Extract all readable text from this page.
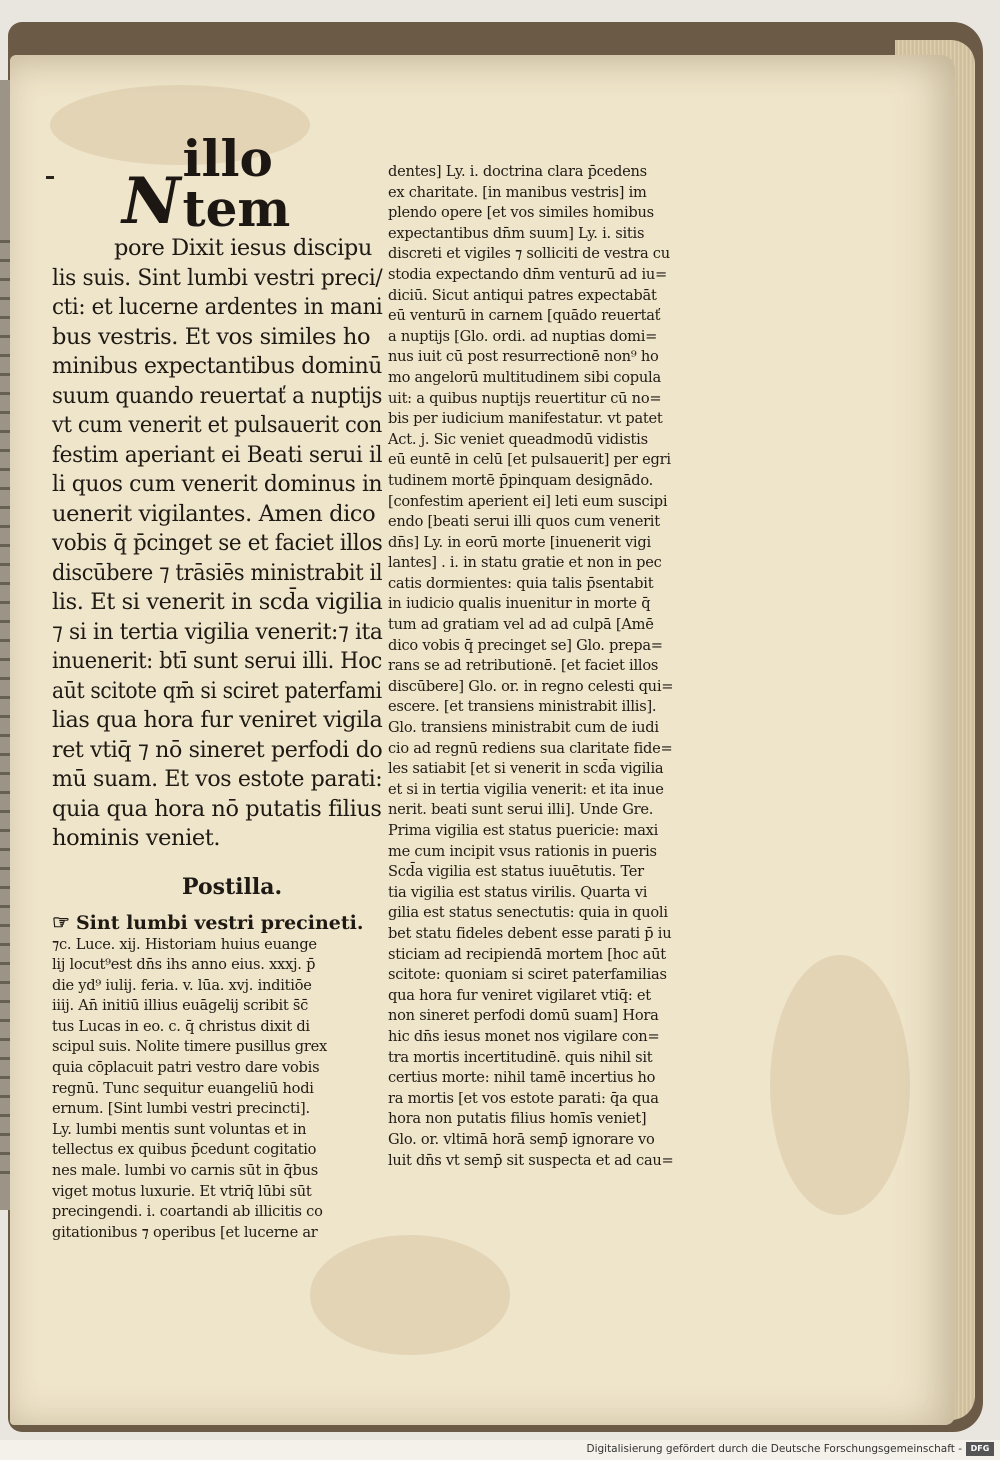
N
illo tem
pore Dixit iesus discipu
lis suis. Sint lumbi vestri preci/
cti: et lucerne ardentes in mani
bus vestris. Et vos similes ho
minibus expectantibus dominū
suum quando reuertať a nuptijs
vt cum venerit et pulsauerit con
festim aperiant ei Beati serui il
li quos cum venerit dominus in
uenerit vigilantes. Amen dico
vobis q̄ p̄cinget se et faciet illos
discūbere ⁊ trāsiēs ministrabit il
lis. Et si venerit in scd̄a vigilia
⁊ si in tertia vigilia venerit:⁊ ita
inuenerit: btī sunt serui illi. Hoc
aūt scitote qm̄ si sciret paterfami
lias qua hora fur veniret vigila
ret vtiq̄ ⁊ nō sineret perfodi do
mū suam. Et vos estote parati:
quia qua hora nō putatis filius
hominis veniet.
Postilla.
☞ Sint lumbi vestri precineti.
⁊c. Luce. xij. Historiam huius euange
lij locut⁹est dn̄s ihs anno eius. xxxj. p̄
die yd⁹ iulij. feria. v. lūa. xvj. inditiōe
iiij. An̄ initiū illius euāgelij scribit s̄c̄
tus Lucas in eo. c. q̄ christus dixit di
scipul suis. Nolite timere pusillus grex
quia cōplacuit patri vestro dare vobis
regnū. Tunc sequitur euangeliū hodi
ernum. [Sint lumbi vestri precincti].
Ly. lumbi mentis sunt voluntas et in
tellectus ex quibus p̄cedunt cogitatio
nes male. lumbi vo carnis sūt in q̄bus
viget motus luxurie. Et vtriq̄ lūbi sūt
precingendi. i. coartandi ab illicitis co
gitationibus ⁊ operibus [et lucerne ar
dentes] Ly. i. doctrina clara p̄cedens
ex charitate. [in manibus vestris] im
plendo opere [et vos similes homibus
expectantibus dn̄m suum] Ly. i. sitis
discreti et vigiles ⁊ solliciti de vestra cu
stodia expectando dn̄m venturū ad iu=
diciū. Sicut antiqui patres expectabāt
eū venturū in carnem [quādo reuertať
a nuptijs [Glo. ordi. ad nuptias domi=
nus iuit cū post resurrectionē non⁹ ho
mo angelorū multitudinem sibi copula
uit: a quibus nuptijs reuertitur cū no=
bis per iudicium manifestatur. vt patet
Act. j. Sic veniet queadmodū vidistis
eū euntē in celū [et pulsauerit] per egri
tudinem mortē p̄pinquam designādo.
[confestim aperient ei] leti eum suscipi
endo [beati serui illi quos cum venerit
dn̄s] Ly. in eorū morte [inuenerit vigi
lantes] . i. in statu gratie et non in pec
catis dormientes: quia talis p̄sentabit
in iudicio qualis inuenitur in morte q̄
tum ad gratiam vel ad ad culpā [Amē
dico vobis q̄ precinget se] Glo. prepa=
rans se ad retributionē. [et faciet illos
discūbere] Glo. or. in regno celesti qui=
escere. [et transiens ministrabit illis].
Glo. transiens ministrabit cum de iudi
cio ad regnū rediens sua claritate fide=
les satiabit [et si venerit in scd̄a vigilia
et si in tertia vigilia venerit: et ita inue
nerit. beati sunt serui illi]. Unde Gre.
Prima vigilia est status puericie: maxi
me cum incipit vsus rationis in pueris
Scd̄a vigilia est status iuuētutis. Ter
tia vigilia est status virilis. Quarta vi
gilia est status senectutis: quia in quoli
bet statu fideles debent esse parati p̄ iu
sticiam ad recipiendā mortem [hoc aūt
scitote: quoniam si sciret paterfamilias
qua hora fur veniret vigilaret vtiq̄: et
non sineret perfodi domū suam] Hora
hic dn̄s iesus monet nos vigilare con=
tra mortis incertitudinē. quis nihil sit
certius morte: nihil tamē incertius ho
ra mortis [et vos estote parati: q̄a qua
hora non putatis filius homīs veniet]
Glo. or. vltimā horā semp̄ ignorare vo
luit dn̄s vt semp̄ sit suspecta et ad cau=
Digitalisierung gefördert durch die Deutsche Forschungsgemeinschaft -	DFG
